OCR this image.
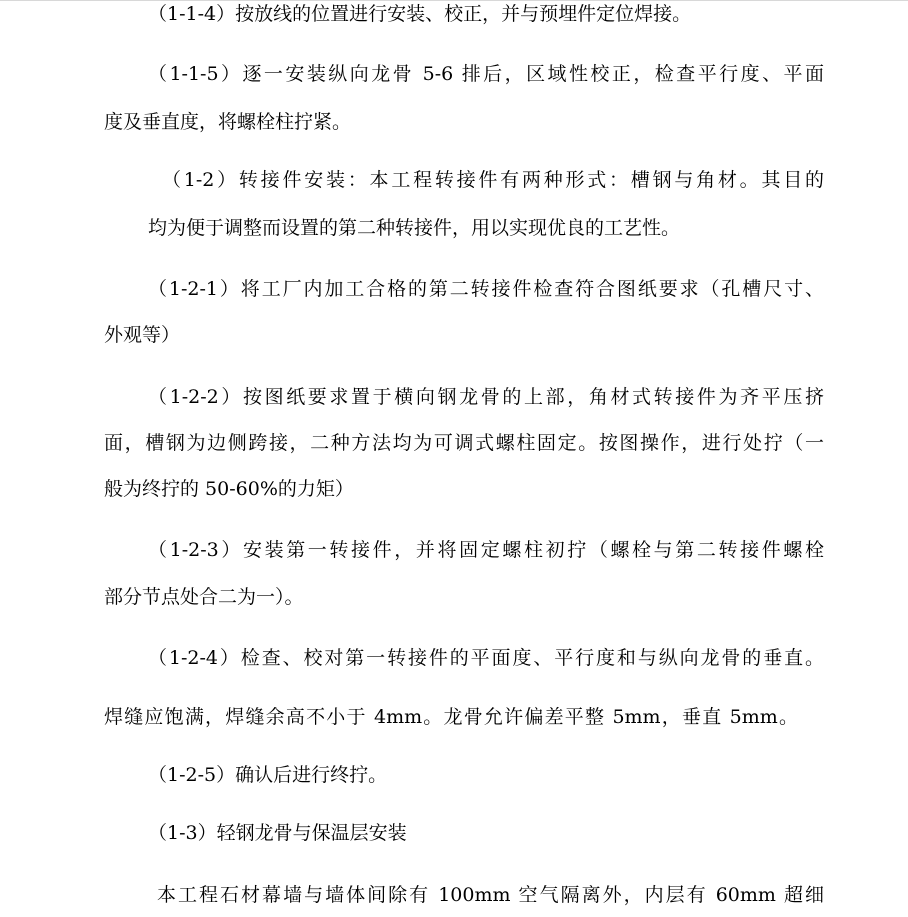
（1-1-4）按放线的位置进行安装、校正，并与预埋件定位焊接。
（1-1-5）逐一安装纵向龙骨 5-6 排后，区域性校正，检查平行度、平面
度及垂直度，将螺栓柱拧紧。
（1-2）转接件安装：本工程转接件有两种形式：槽钢与角材。其目的
均为便于调整而设置的第二种转接件，用以实现优良的工艺性。
（1-2-1）将工厂内加工合格的第二转接件检查符合图纸要求（孔槽尺寸、
外观等）
（1-2-2）按图纸要求置于横向钢龙骨的上部，角材式转接件为齐平压挤
面，槽钢为边侧跨接，二种方法均为可调式螺柱固定。按图操作，进行处拧（一
般为终拧的 50-60%的力矩）
（1-2-3）安装第一转接件，并将固定螺柱初拧（螺栓与第二转接件螺栓
部分节点处合二为一）。
（1-2-4）检查、校对第一转接件的平面度、平行度和与纵向龙骨的垂直。
焊缝应饱满，焊缝余高不小于 4mm。龙骨允许偏差平整 5mm，垂直 5mm。
（1-2-5）确认后进行终拧。
（1-3）轻钢龙骨与保温层安装
本工程石材幕墙与墙体间除有 100mm 空气隔离外，内层有 60mm 超细
